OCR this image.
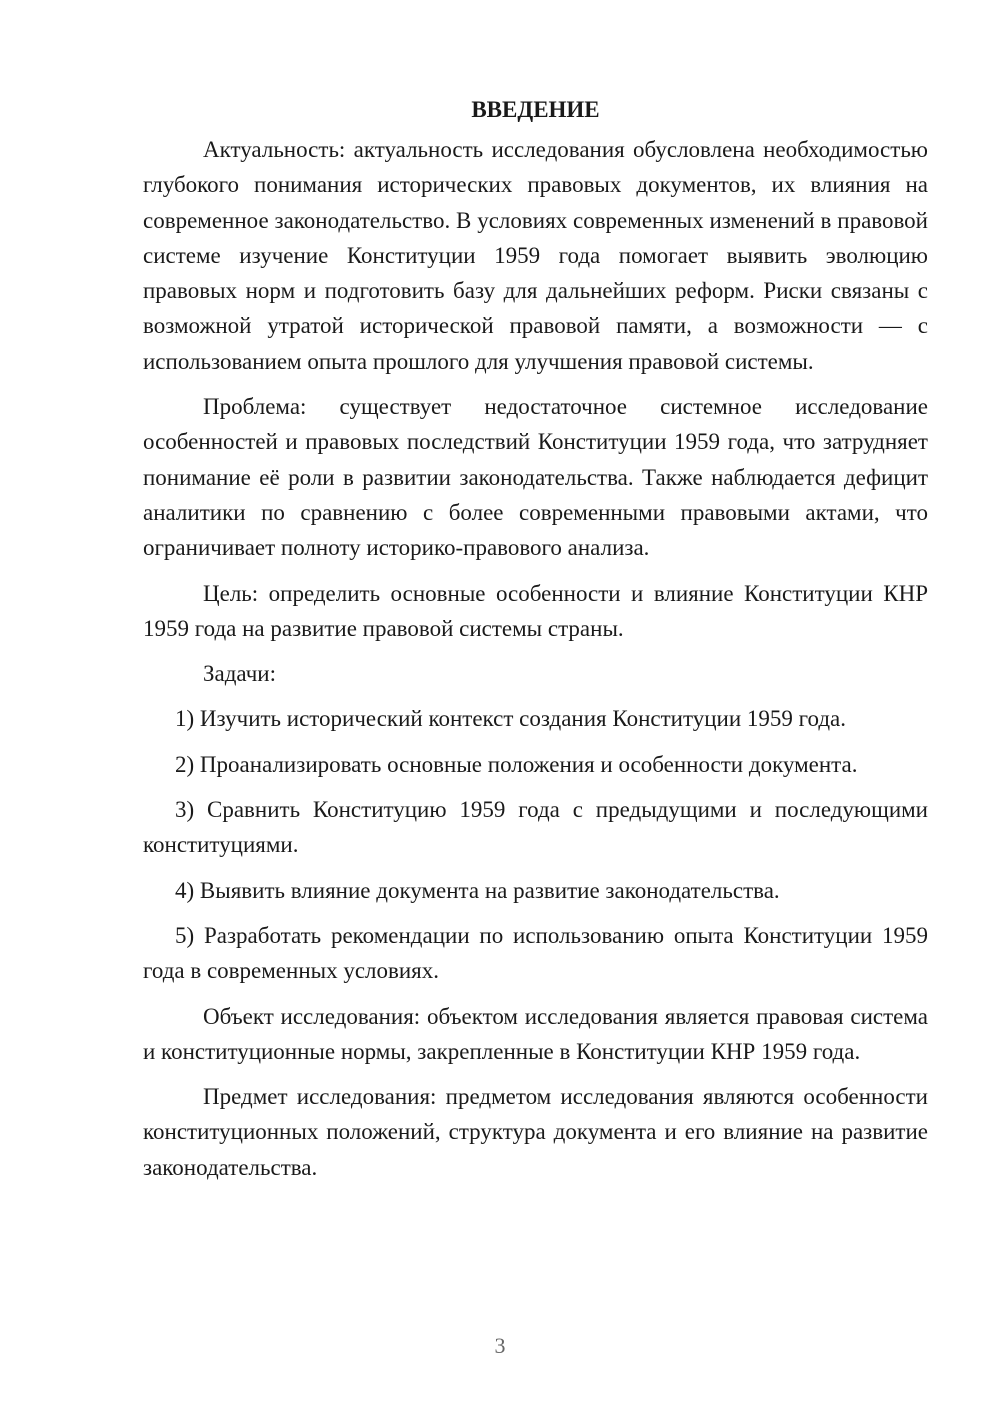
ВВЕДЕНИЕ

Актуальность: актуальность исследования обусловлена необходимостью глубокого понимания исторических правовых документов, их влияния на современное законодательство. В условиях современных изменений в правовой системе изучение Конституции 1959 года помогает выявить эволюцию правовых норм и подготовить базу для дальнейших реформ. Риски связаны с возможной утратой исторической правовой памяти, а возможности — с использованием опыта прошлого для улучшения правовой системы.

Проблема: существует недостаточное системное исследование особенностей и правовых последствий Конституции 1959 года, что затрудняет понимание её роли в развитии законодательства. Также наблюдается дефицит аналитики по сравнению с более современными правовыми актами, что ограничивает полноту историко-правового анализа.

Цель: определить основные особенности и влияние Конституции КНР 1959 года на развитие правовой системы страны.

Задачи:

1) Изучить исторический контекст создания Конституции 1959 года.

2) Проанализировать основные положения и особенности документа.

3) Сравнить Конституцию 1959 года с предыдущими и последующими конституциями.

4) Выявить влияние документа на развитие законодательства.

5) Разработать рекомендации по использованию опыта Конституции 1959 года в современных условиях.

Объект исследования: объектом исследования является правовая система и конституционные нормы, закрепленные в Конституции КНР 1959 года.

Предмет исследования: предметом исследования являются особенности конституционных положений, структура документа и его влияние на развитие законодательства.

3
